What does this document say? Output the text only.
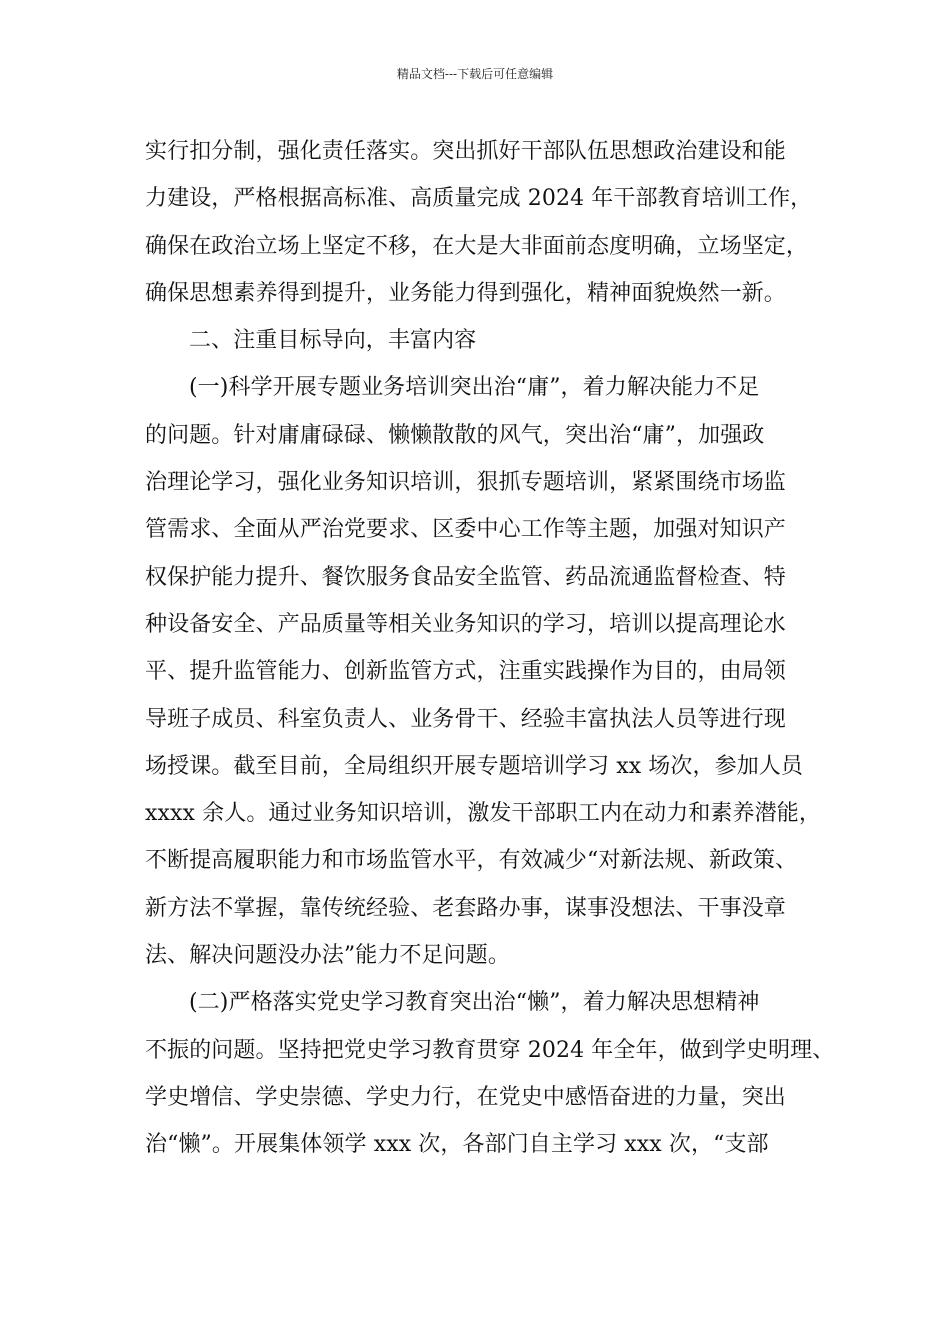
精品文档---下载后可任意编辑
实行扣分制，强化责任落实。突出抓好干部队伍思想政治建设和能
力建设，严格根据高标准、高质量完成 2024 年干部教育培训工作，
确保在政治立场上坚定不移，在大是大非面前态度明确，立场坚定，
确保思想素养得到提升，业务能力得到强化，精神面貌焕然一新。
二、注重目标导向，丰富内容
(一)科学开展专题业务培训突出治“庸”，着力解决能力不足
的问题。针对庸庸碌碌、懒懒散散的风气，突出治“庸”，加强政
治理论学习，强化业务知识培训，狠抓专题培训，紧紧围绕市场监
管需求、全面从严治党要求、区委中心工作等主题，加强对知识产
权保护能力提升、餐饮服务食品安全监管、药品流通监督检查、特
种设备安全、产品质量等相关业务知识的学习，培训以提高理论水
平、提升监管能力、创新监管方式，注重实践操作为目的，由局领
导班子成员、科室负责人、业务骨干、经验丰富执法人员等进行现
场授课。截至目前，全局组织开展专题培训学习 xx 场次，参加人员
xxxx 余人。通过业务知识培训，激发干部职工内在动力和素养潜能，
不断提高履职能力和市场监管水平，有效减少“对新法规、新政策、
新方法不掌握，靠传统经验、老套路办事，谋事没想法、干事没章
法、解决问题没办法”能力不足问题。
(二)严格落实党史学习教育突出治“懒”，着力解决思想精神
不振的问题。坚持把党史学习教育贯穿 2024 年全年，做到学史明理、
学史增信、学史崇德、学史力行，在党史中感悟奋进的力量，突出
治“懒”。开展集体领学 xxx 次，各部门自主学习 xxx 次，“支部
